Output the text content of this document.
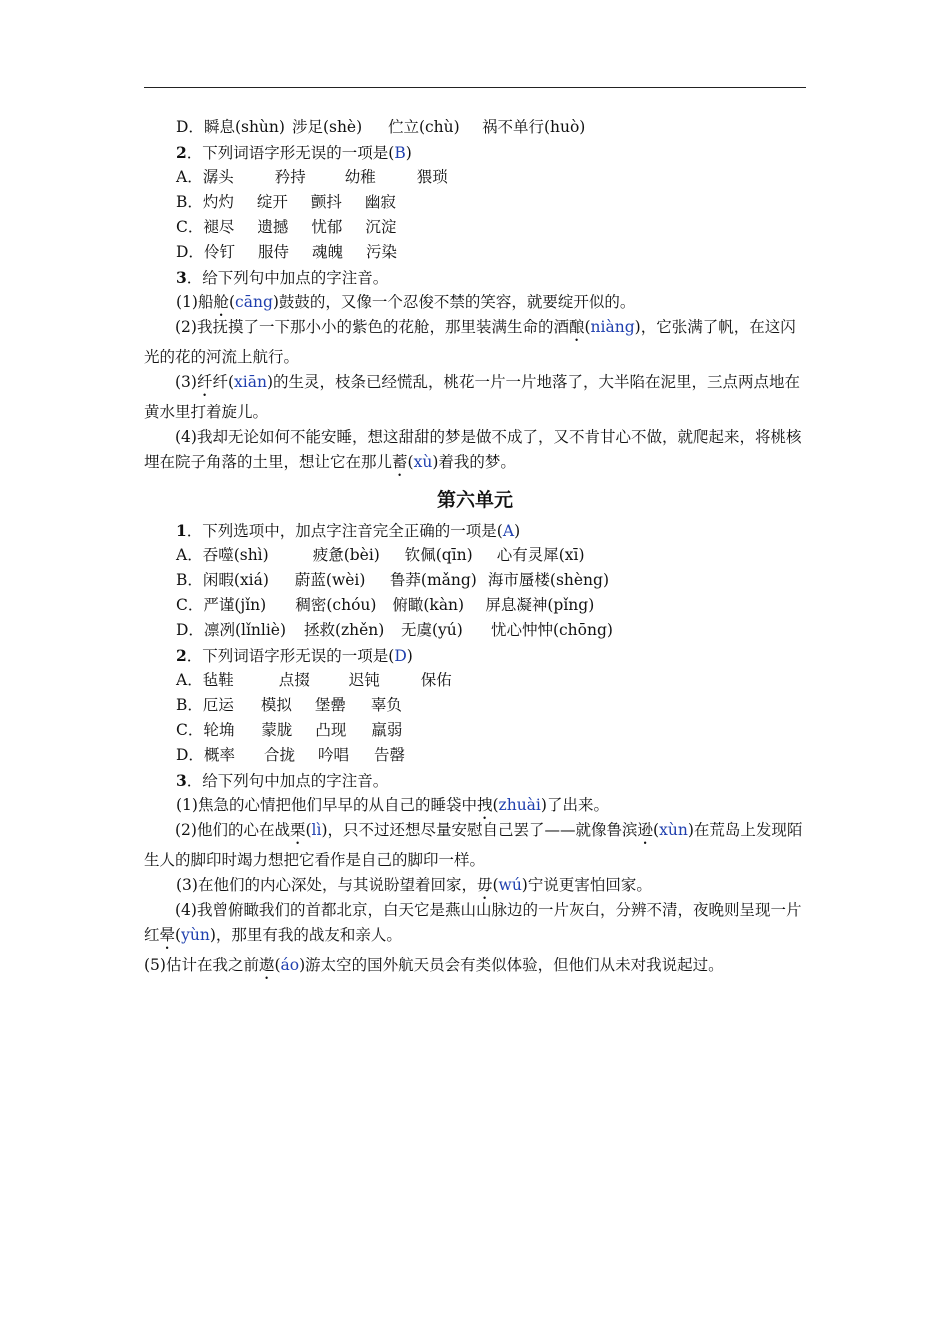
D．瞬息(shùn) 涉足(shè) 伫立(chù) 祸不单行(huò)
2．下列词语字形无误的一项是(B)
A．潺头	矜持	幼稚	猥琐
B．灼灼 绽开 颤抖 幽寂
C．褪尽 遗撼 忧郁 沉淀
D．伶钉 服侍 魂魄 污染
3．给下列句中加点的字注音。
(1)船舱(cāng)鼓鼓的，又像一个忍俊不禁的笑容，就要绽开似的。
(2)我抚摸了一下那小小的紫色的花舱，那里装满生命的酒酿(niàng)，它张满了帆，在这闪光的花的河流上航行。
(3)纤纤(xiān)的生灵，枝条已经慌乱，桃花一片一片地落了，大半陷在泥里，三点两点地在黄水里打着旋儿。
(4)我却无论如何不能安睡，想这甜甜的梦是做不成了，又不肯甘心不做，就爬起来，将桃核埋在院子角落的土里，想让它在那儿蓄(xù)着我的梦。
第六单元
1．下列选项中，加点字注音完全正确的一项是(A)
A．吞噬(shì)	疲惫(bèi) 钦佩(qīn) 心有灵犀(xī)
B．闲暇(xiá) 蔚蓝(wèi) 鲁莽(mǎng) 海市蜃楼(shèng)
C．严谨(jǐn) 稠密(chóu) 俯瞰(kàn) 屏息凝神(pǐng)
D．凛冽(lǐnliè) 拯救(zhěn) 无虞(yú) 忧心忡忡(chōng)
2．下列词语字形无误的一项是(D)
A．毡鞋	点掇	迟钝	保佑
B．厄运 模拟 堡罍 辜负
C．轮埆 蒙胧 凸现 羸弱
D．概率 合拢 吟唱 告罄
3．给下列句中加点的字注音。
(1)焦急的心情把他们早早的从自己的睡袋中拽(zhuài)了出来。
(2)他们的心在战栗(lì)，只不过还想尽量安慰自己罢了——就像鲁滨逊(xùn)在荒岛上发现陌生人的脚印时竭力想把它看作是自己的脚印一样。
(3)在他们的内心深处，与其说盼望着回家，毋(wú)宁说更害怕回家。
(4)我曾俯瞰我们的首都北京，白天它是燕山山脉边的一片灰白，分辨不清，夜晚则呈现一片红晕(yùn)，那里有我的战友和亲人。
(5)估计在我之前遨(áo)游太空的国外航天员会有类似体验，但他们从未对我说起过。
